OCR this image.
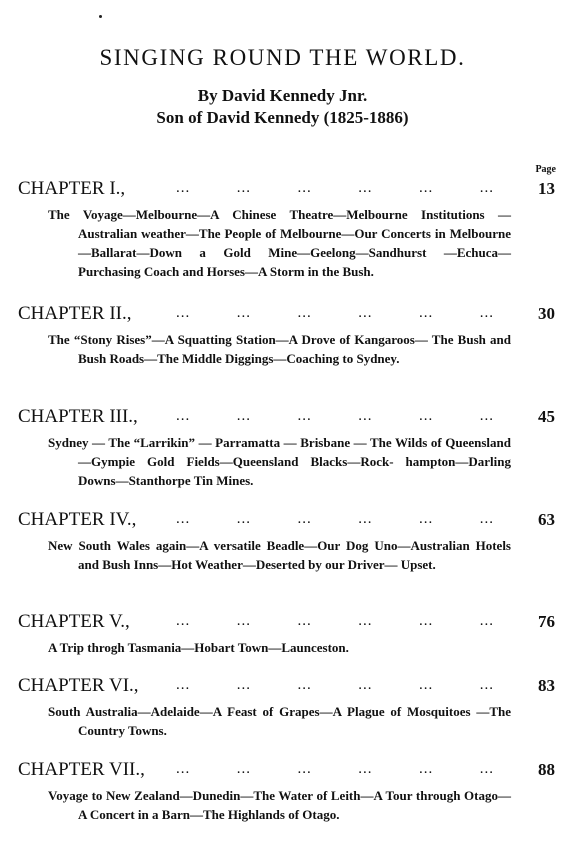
SINGING ROUND THE WORLD.
By David Kennedy Jnr.
Son of David Kennedy (1825-1886)
Page
CHAPTER I.,	...	...	...	...	...	...	13
The Voyage—Melbourne—A Chinese Theatre—Melbourne Institutions —Australian weather—The People of Melbourne—Our Concerts in Melbourne—Ballarat—Down a Gold Mine—Geelong—Sandhurst —Echuca—Purchasing Coach and Horses—A Storm in the Bush.
CHAPTER II.,	...	...	...	...	...	...	30
The “Stony Rises”—A Squatting Station—A Drove of Kangaroos— The Bush and Bush Roads—The Middle Diggings—Coaching to Sydney.
CHAPTER III.,	...	...	...	...	...	...	45
Sydney — The “Larrikin” — Parramatta — Brisbane — The Wilds of Queensland—Gympie Gold Fields—Queensland Blacks—Rock- hampton—Darling Downs—Stanthorpe Tin Mines.
CHAPTER IV.,	...	...	...	...	...	...	63
New South Wales again—A versatile Beadle—Our Dog Uno—Australian Hotels and Bush Inns—Hot Weather—Deserted by our Driver— Upset.
CHAPTER V.,	...	...	...	...	...	...	76
A Trip throgh Tasmania—Hobart Town—Launceston.
CHAPTER VI., ...	...	...	...	...	...	83
South Australia—Adelaide—A Feast of Grapes—A Plague of Mosquitoes —The Country Towns.
CHAPTER VII., ...	...	...	...	...	...	88
Voyage to New Zealand—Dunedin—The Water of Leith—A Tour through Otago—A Concert in a Barn—The Highlands of Otago.
